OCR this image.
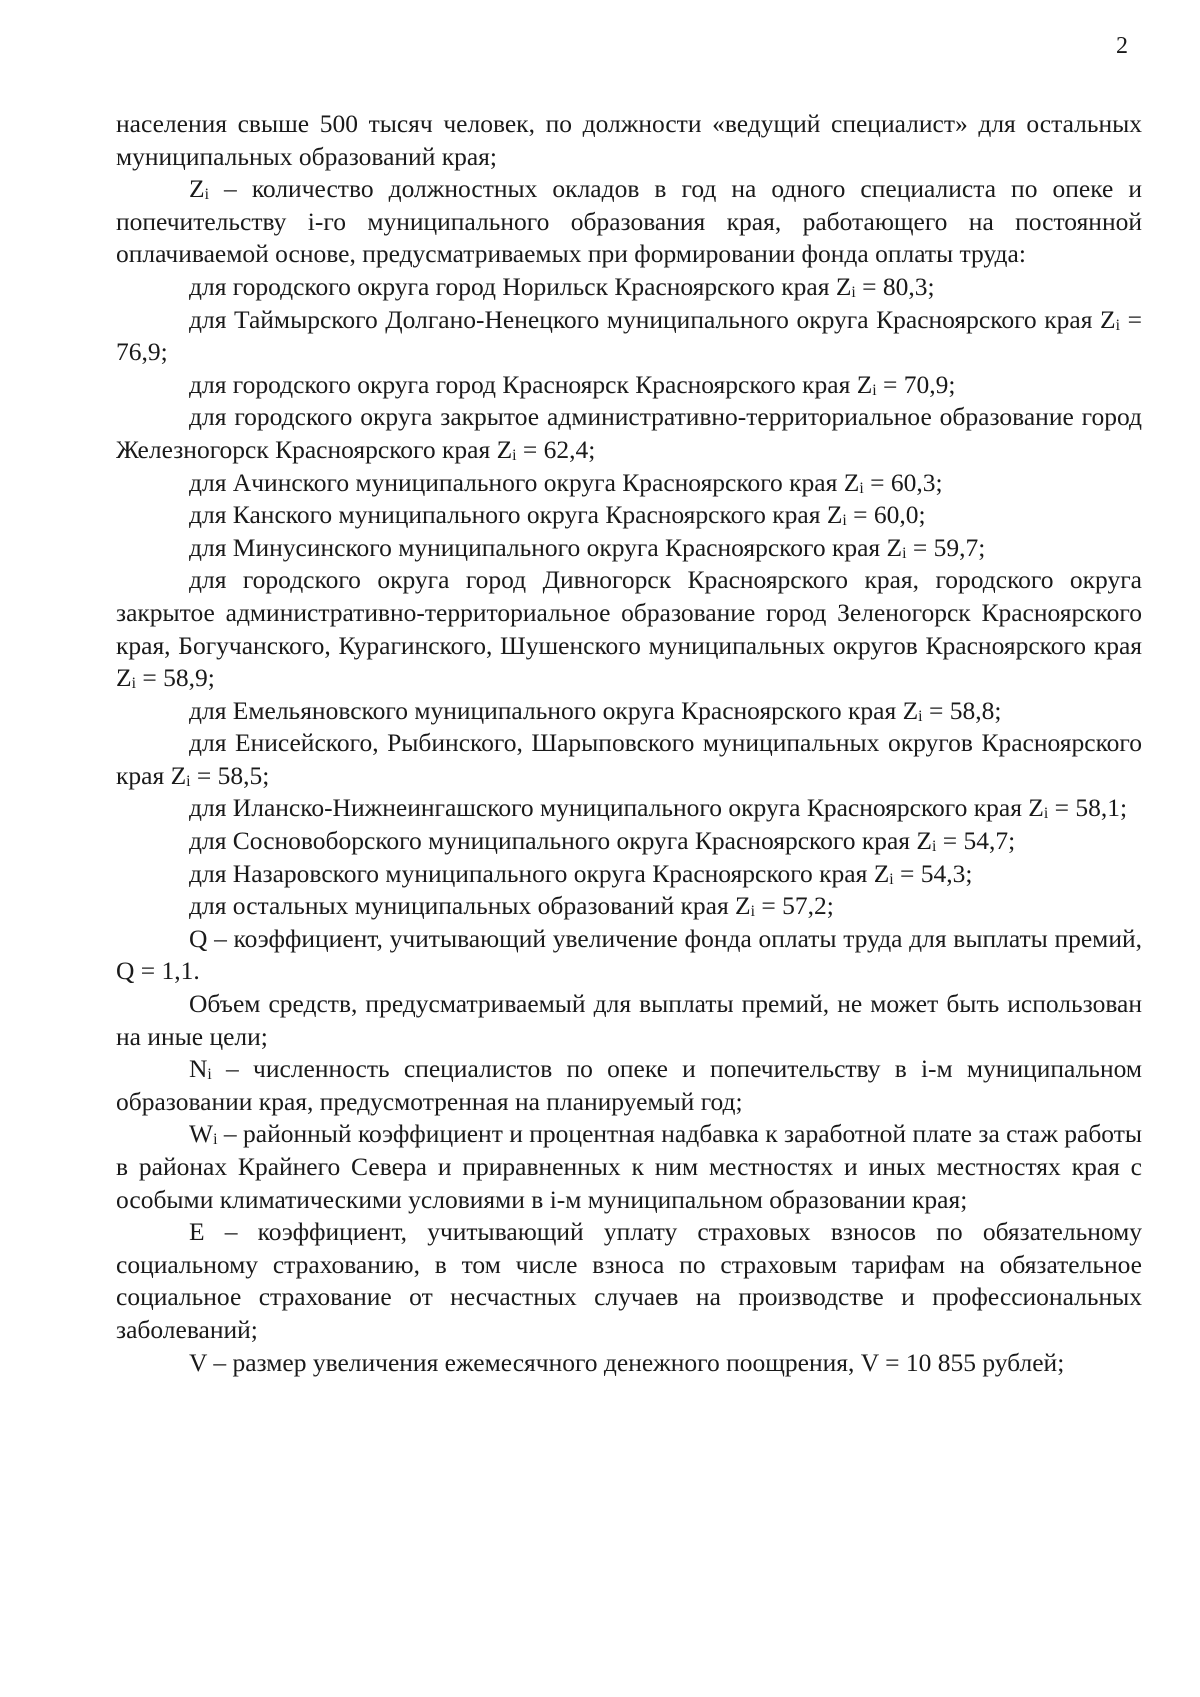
2

населения свыше 500 тысяч человек, по должности «ведущий специалист» для остальных муниципальных образований края;

Zi – количество должностных окладов в год на одного специалиста по опеке и попечительству i-го муниципального образования края, работающего на постоянной оплачиваемой основе, предусматриваемых при формировании фонда оплаты труда:

для городского округа город Норильск Красноярского края Zi = 80,3;

для Таймырского Долгано-Ненецкого муниципального округа Красноярского края Zi = 76,9;

для городского округа город Красноярск Красноярского края Zi = 70,9;

для городского округа закрытое административно-территориальное образование город Железногорск Красноярского края Zi = 62,4;

для Ачинского муниципального округа Красноярского края Zi = 60,3;

для Канского муниципального округа Красноярского края Zi = 60,0;

для Минусинского муниципального округа Красноярского края Zi = 59,7;

для городского округа город Дивногорск Красноярского края, городского округа закрытое административно-территориальное образование город Зеленогорск Красноярского края, Богучанского, Курагинского, Шушенского муниципальных округов Красноярского края Zi = 58,9;

для Емельяновского муниципального округа Красноярского края Zi = 58,8;

для Енисейского, Рыбинского, Шарыповского муниципальных округов Красноярского края Zi = 58,5;

для Иланско-Нижнеингашского муниципального округа Красноярского края Zi = 58,1;

для Сосновоборского муниципального округа Красноярского края Zi = 54,7;

для Назаровского муниципального округа Красноярского края Zi = 54,3;

для остальных муниципальных образований края Zi = 57,2;

Q – коэффициент, учитывающий увеличение фонда оплаты труда для выплаты премий, Q = 1,1.

Объем средств, предусматриваемый для выплаты премий, не может быть использован на иные цели;

Ni – численность специалистов по опеке и попечительству в i-м муниципальном образовании края, предусмотренная на планируемый год;

Wi – районный коэффициент и процентная надбавка к заработной плате за стаж работы в районах Крайнего Севера и приравненных к ним местностях и иных местностях края с особыми климатическими условиями в i-м муниципальном образовании края;

Е – коэффициент, учитывающий уплату страховых взносов по обязательному социальному страхованию, в том числе взноса по страховым тарифам на обязательное социальное страхование от несчастных случаев на производстве и профессиональных заболеваний;

V – размер увеличения ежемесячного денежного поощрения, V = 10 855 рублей;
